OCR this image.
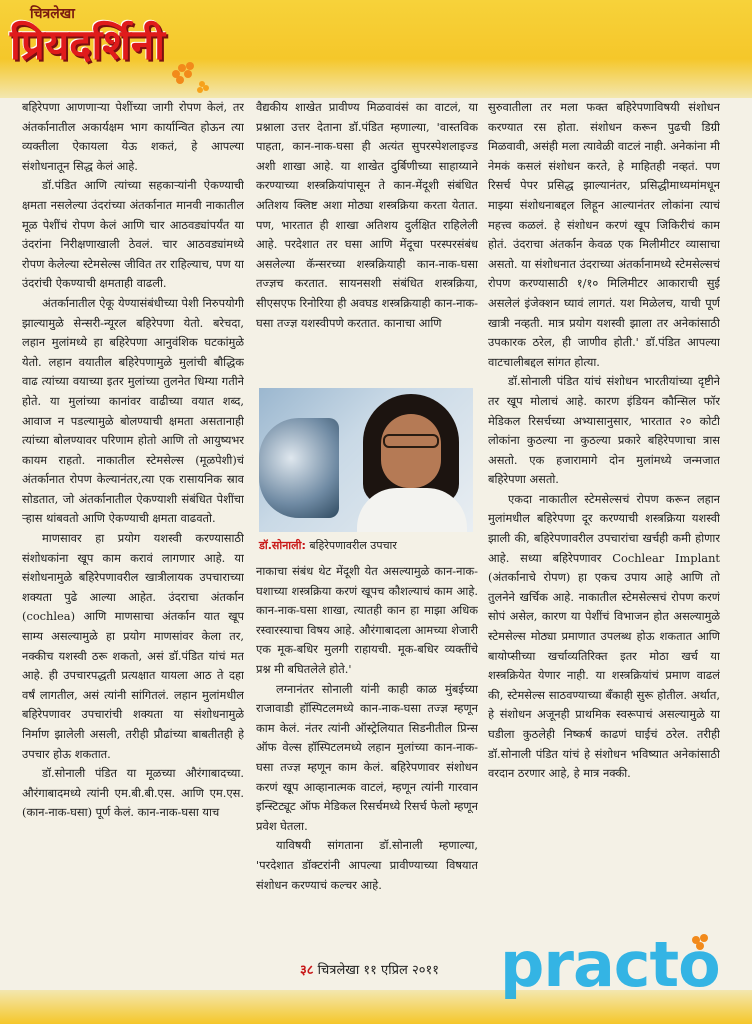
चित्रलेखा
प्रियदर्शिनी

बहिरेपणा आणणाऱ्या पेशींच्या जागी रोपण केलं, तर अंतर्कानातील अकार्यक्षम भाग कार्यान्वित होऊन त्या व्यक्तीला ऐकायला येऊ शकतं, हे आपल्या संशोधनातून सिद्ध केलं आहे.

डॉ.पंडित आणि त्यांच्या सहकाऱ्यांनी ऐकण्याची क्षमता नसलेल्या उंदरांच्या अंतर्कानात मानवी नाकातील मूळ पेशींचं रोपण केलं आणि चार आठवड्यांपर्यंत या उंदरांना निरीक्षणाखाली ठेवलं. चार आठवड्यांमध्ये रोपण केलेल्या स्टेमसेल्स जीवित तर राहिल्याच, पण या उंदरांची ऐकण्याची क्षमताही वाढली.

अंतर्कानातील ऐकू येण्यासंबंधीच्या पेशी निरुपयोगी झाल्यामुळे सेन्सरी-न्यूरल बहिरेपणा येतो. बरेचदा, लहान मुलांमध्ये हा बहिरेपणा आनुवंशिक घटकांमुळे येतो. लहान वयातील बहिरेपणामुळे मुलांची बौद्धिक वाढ त्यांच्या वयाच्या इतर मुलांच्या तुलनेत धिम्या गतीने होते. या मुलांच्या कानांवर वाढीच्या वयात शब्द, आवाज न पडल्यामुळे बोलण्याची क्षमता असतानाही त्यांच्या बोलण्यावर परिणाम होतो आणि तो आयुष्यभर कायम राहतो. नाकातील स्टेमसेल्स (मूळपेशी)चं अंतर्कानात रोपण केल्यानंतर,त्या एक रासायनिक स्राव सोडतात, जो अंतर्कानातील ऐकण्याशी संबंधित पेशींचा ऱ्हास थांबवतो आणि ऐकण्याची क्षमता वाढवतो.

माणसावर हा प्रयोग यशस्वी करण्यासाठी संशोधकांना खूप काम करावं लागणार आहे. या संशोधनामुळे बहिरेपणावरील खात्रीलायक उपचाराच्या शक्यता पुढे आल्या आहेत. उंदराचा अंतर्कान (cochlea) आणि माणसाचा अंतर्कान यात खूप साम्य असल्यामुळे हा प्रयोग माणसांवर केला तर, नक्कीच यशस्वी ठरू शकतो, असं डॉ.पंडित यांचं मत आहे. ही उपचारपद्धती प्रत्यक्षात यायला आठ ते दहा वर्षं लागतील, असं त्यांनी सांगितलं. लहान मुलांमधील बहिरेपणावर उपचारांची शक्यता या संशोधनामुळे निर्माण झालेली असली, तरीही प्रौढांच्या बाबतीतही हे उपचार होऊ शकतात.

डॉ.सोनाली पंडित या मूळच्या औरंगाबादच्या. औरंगाबादमध्ये त्यांनी एम.बी.बी.एस. आणि एम.एस.(कान-नाक-घसा) पूर्ण केलं. कान-नाक-घसा याच

वैद्यकीय शाखेत प्रावीण्य मिळवावंसं का वाटलं, या प्रश्नाला उत्तर देताना डॉ.पंडित म्हणाल्या, 'वास्तविक पाहता, कान-नाक-घसा ही अत्यंत सुपरस्पेशलाइज्ड अशी शाखा आहे. या शाखेत दुर्बिणीच्या साहाय्याने करण्याच्या शस्त्रक्रियांपासून ते कान-मेंदूशी संबंधित अतिशय क्लिष्ट अशा मोठ्या शस्त्रक्रिया करता येतात. पण, भारतात ही शाखा अतिशय दुर्लक्षित राहिलेली आहे. परदेशात तर घसा आणि मेंदूचा परस्परसंबंध असलेल्या कॅन्सरच्या शस्त्रक्रियाही कान-नाक-घसा तज्ज्ञच करतात. सायनसशी संबंधित शस्त्रक्रिया, सीएसएफ रिनोरिया ही अवघड शस्त्रक्रियाही कान-नाक-घसा तज्ज्ञ यशस्वीपणे करतात. कानाचा आणि

डॉ.सोनाली: बहिरेपणावरील उपचार

नाकाचा संबंध थेट मेंदूशी येत असल्यामुळे कान-नाक-घशाच्या शस्त्रक्रिया करणं खूपच कौशल्याचं काम आहे. कान-नाक-घसा शाखा, त्यातही कान हा माझा अधिक रस्वारस्याचा विषय आहे. औरंगाबादला आमच्या शेजारी एक मूक-बधिर मुलगी राहायची. मूक-बधिर व्यक्तींचे प्रश्न मी बघितलेले होते.'

लग्नानंतर सोनाली यांनी काही काळ मुंबईच्या राजावाडी हॉस्पिटलमध्ये कान-नाक-घसा तज्ज्ञ म्हणून काम केलं. नंतर त्यांनी ऑस्ट्रेलियात सिडनीतील प्रिन्स ऑफ वेल्स हॉस्पिटलमध्ये लहान मुलांच्या कान-नाक-घसा तज्ज्ञ म्हणून काम केलं. बहिरेपणावर संशोधन करणं खूप आव्हानात्मक वाटलं, म्हणून त्यांनी गारवान इन्स्टिट्यूट ऑफ मेडिकल रिसर्चमध्ये रिसर्च फेलो म्हणून प्रवेश घेतला.

याविषयी सांगताना डॉ.सोनाली म्हणाल्या, 'परदेशात डॉक्टरांनी आपल्या प्रावीण्याच्या विषयात संशोधन करण्याचं कल्चर आहे.

सुरुवातीला तर मला फक्त बहिरेपणाविषयी संशोधन करण्यात रस होता. संशोधन करून पुढची डिग्री मिळवावी, असंही मला त्यावेळी वाटलं नाही. अनेकांना मी नेमकं कसलं संशोधन करते, हे माहितही नव्हतं. पण रिसर्च पेपर प्रसिद्ध झाल्यानंतर, प्रसिद्धीमाध्यमांमधून माझ्या संशोधनाबद्दल लिहून आल्यानंतर लोकांना त्याचं महत्त्व कळलं. हे संशोधन करणं खूप जिकिरीचं काम होतं. उंदराचा अंतर्कान केवळ एक मिलीमीटर व्यासाचा असतो. या संशोधनात उंदराच्या अंतर्कानामध्ये स्टेमसेल्सचं रोपण करण्यासाठी १/१० मिलिमीटर आकाराची सुई असलेलं इंजेक्शन घ्यावं लागतं. यश मिळेलच, याची पूर्ण खात्री नव्हती. मात्र प्रयोग यशस्वी झाला तर अनेकांसाठी उपकारक ठरेल, ही जाणीव होती.' डॉ.पंडित आपल्या वाटचालीबद्दल सांगत होत्या.

डॉ.सोनाली पंडित यांचं संशोधन भारतीयांच्या दृष्टीने तर खूप मोलाचं आहे. कारण इंडियन कौन्सिल फॉर मेडिकल रिसर्चच्या अभ्यासानुसार, भारतात २० कोटी लोकांना कुठल्या ना कुठल्या प्रकारे बहिरेपणाचा त्रास असतो. एक हजारामागे दोन मुलांमध्ये जन्मजात बहिरेपणा असतो.

एकदा नाकातील स्टेमसेल्सचं रोपण करून लहान मुलांमधील बहिरेपणा दूर करण्याची शस्त्रक्रिया यशस्वी झाली की, बहिरेपणावरील उपचारांचा खर्चही कमी होणार आहे. सध्या बहिरेपणावर Cochlear Implant (अंतर्कानाचे रोपण) हा एकच उपाय आहे आणि तो तुलनेने खर्चिक आहे. नाकातील स्टेमसेल्सचं रोपण करणं सोपं असेल, कारण या पेशींचं विभाजन होत असल्यामुळे स्टेमसेल्स मोठ्या प्रमाणात उपलब्ध होऊ शकतात आणि बायोप्सीच्या खर्चाव्यतिरिक्त इतर मोठा खर्च या शस्त्रक्रियेत येणार नाही. या शस्त्रक्रियांचं प्रमाण वाढलं की, स्टेमसेल्स साठवण्याच्या बँकाही सुरू होतील. अर्थात, हे संशोधन अजूनही प्राथमिक स्वरूपाचं असल्यामुळे या घडीला कुठलेही निष्कर्ष काढणं घाईचं ठरेल. तरीही डॉ.सोनाली पंडित यांचं हे संशोधन भविष्यात अनेकांसाठी वरदान ठरणार आहे, हे मात्र नक्की.

३८ चित्रलेखा ११ एप्रिल २०११ practo
